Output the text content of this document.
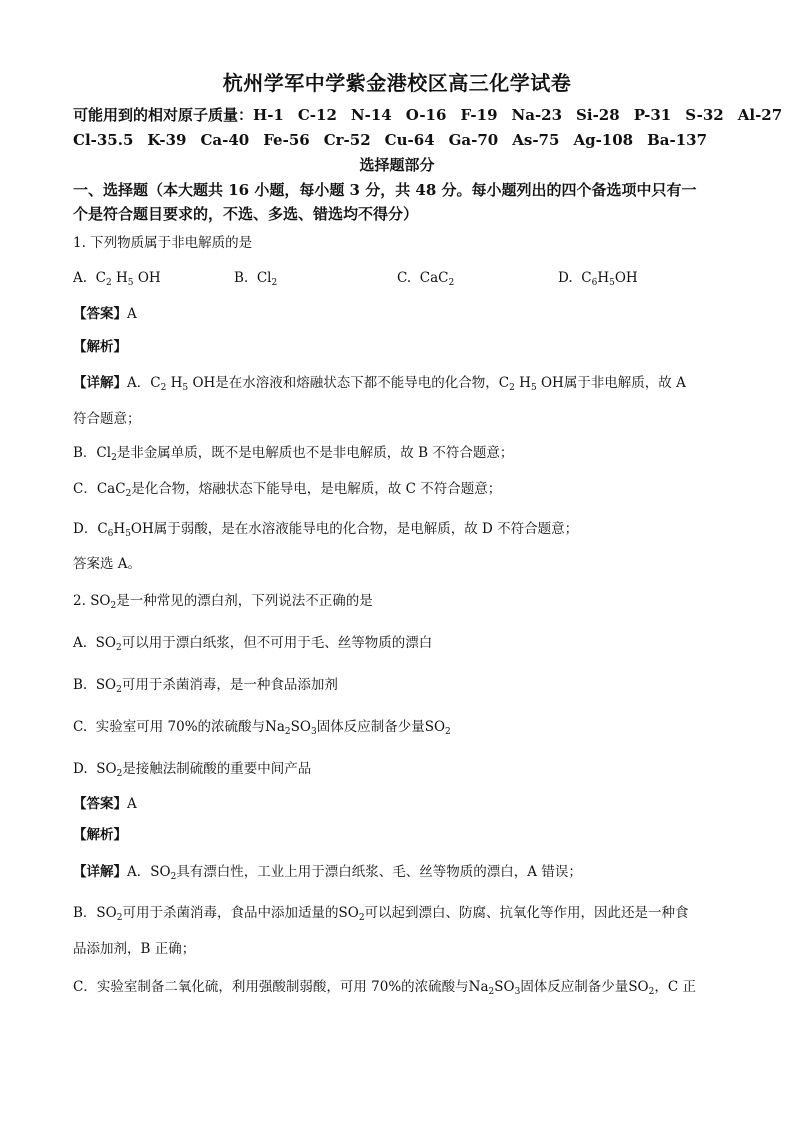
杭州学军中学紫金港校区高三化学试卷
可能用到的相对原子质量：H-1 C-12 N-14 O-16 F-19 Na-23 Si-28 P-31 S-32 Al-27
Cl-35.5 K-39 Ca-40 Fe-56 Cr-52 Cu-64 Ga-70 As-75 Ag-108 Ba-137
选择题部分
一、选择题（本大题共 16 小题，每小题 3 分，共 48 分。每小题列出的四个备选项中只有一
个是符合题目要求的，不选、多选、错选均不得分）
1. 下列物质属于非电解质的是
A. $C_2$ $H_5$ OH	B. $Cl_2$	C. CaC$_2$	D. $C_6H_5OH$
【答案】A
【解析】
【详解】A．$C_2$ $H_5$ OH是在水溶液和熔融状态下都不能导电的化合物，$C_2$ $H_5$ OH属于非电解质，故 A
符合题意；
B．$Cl_2$是非金属单质，既不是电解质也不是非电解质，故 B 不符合题意；
C．CaC$_2$是化合物，熔融状态下能导电，是电解质，故 C 不符合题意；
D．$C_6H_5OH$属于弱酸，是在水溶液能导电的化合物，是电解质，故 D 不符合题意；
答案选 A。
2. $SO_2$是一种常见的漂白剂，下列说法不正确的是
A. $SO_2$可以用于漂白纸浆，但不可用于毛、丝等物质的漂白
B. $SO_2$可用于杀菌消毒，是一种食品添加剂
C. 实验室可用 70%的浓硫酸与$Na_2SO_3$固体反应制备少量$SO_2$
D. $SO_2$是接触法制硫酸的重要中间产品
【答案】A
【解析】
【详解】A．$SO_2$具有漂白性，工业上用于漂白纸浆、毛、丝等物质的漂白，A 错误；
B．$SO_2$可用于杀菌消毒，食品中添加适量的$SO_2$可以起到漂白、防腐、抗氧化等作用，因此还是一种食
品添加剂，B 正确；
C．实验室制备二氧化硫，利用强酸制弱酸，可用 70%的浓硫酸与$Na_2SO_3$固体反应制备少量$SO_2$，C 正
